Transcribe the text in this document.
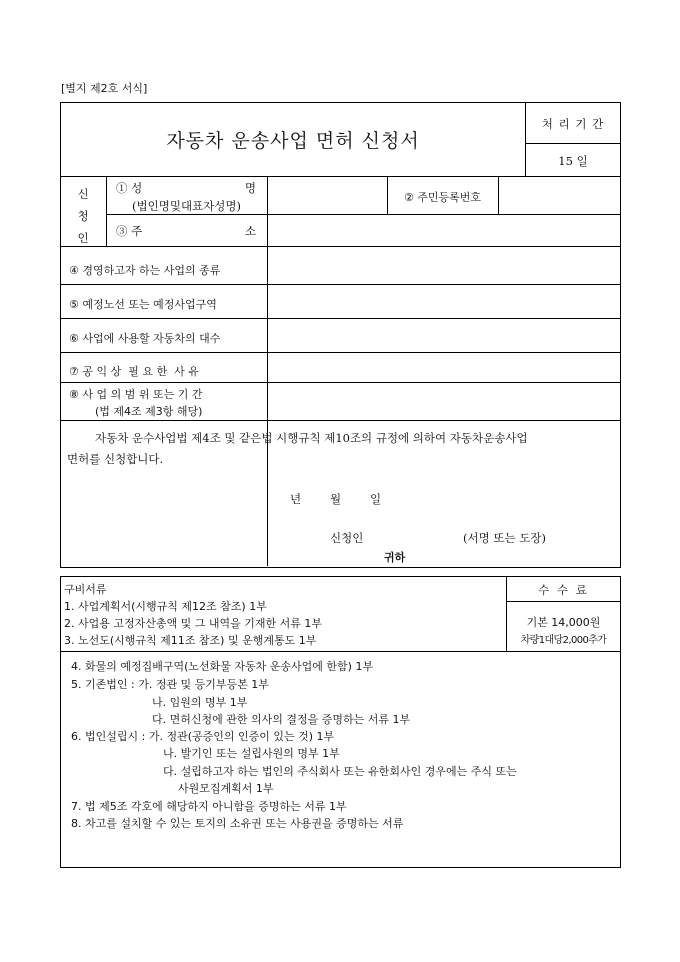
[별지 제2호 서식]
자동차 운송사업 면허 신청서
처 리 기 간
15 일
신
청
인
① 성	명
(법인명및대표자성명)
② 주민등록번호
③ 주	소
④ 경영하고자 하는 사업의 종류
⑤ 예정노선 또는 예정사업구역
⑥ 사업에 사용할 자동차의 대수
⑦ 공 익 상  필 요 한  사 유
⑧ 사 업 의 범 위 또는 기 간
(법 제4조 제3항 해당)
자동차 운수사업법 제4조 및 같은법 시행규칙 제10조의 규정에 의하여 자동차운송사업
면허를 신청합니다.
년	월	일
신청인	(서명 또는 도장)
귀하
수 수 료
기본 14,000원
차량1대당2,000추가
구비서류
1. 사업계획서(시행규칙 제12조 참조) 1부
2. 사업용 고정자산총액 및 그 내역을 기재한 서류 1부
3. 노선도(시행규칙 제11조 참조) 및 운행계통도 1부
4. 화물의 예정집배구역(노선화물 자동차 운송사업에 한함) 1부
5. 기존법인 : 가. 정관 및 등기부등본 1부
나. 임원의 명부 1부
다. 면허신청에 관한 의사의 결정을 증명하는 서류 1부
6. 법인설립시 : 가. 정관(공증인의 인증이 있는 것) 1부
나. 발기인 또는 설립사원의 명부 1부
다. 설립하고자 하는 법인의 주식회사 또는 유한회사인 경우에는 주식 또는
사원모집계획서 1부
7. 법 제5조 각호에 해당하지 아니함을 증명하는 서류 1부
8. 차고를 설치할 수 있는 토지의 소유권 또는 사용권을 증명하는 서류
